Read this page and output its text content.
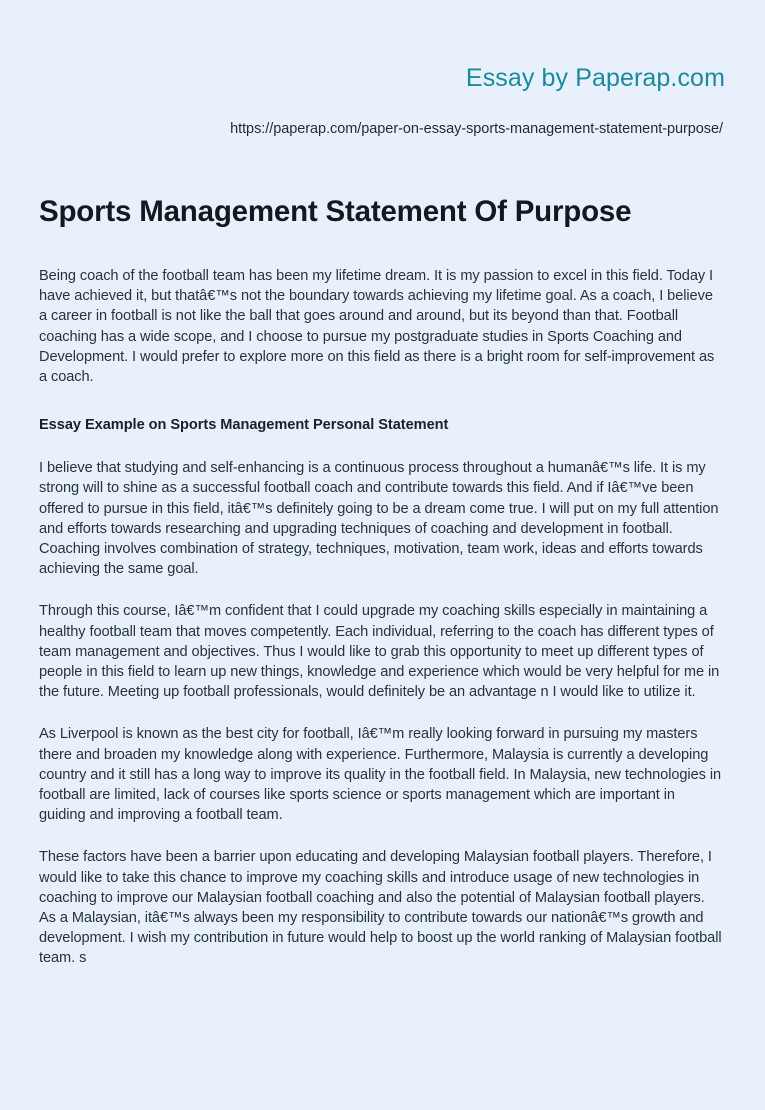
Essay by Paperap.com
https://paperap.com/paper-on-essay-sports-management-statement-purpose/
Sports Management Statement Of Purpose

Being coach of the football team has been my lifetime dream. It is my passion to excel in this field. Today I have achieved it, but thatâ€™s not the boundary towards achieving my lifetime goal. As a coach, I believe a career in football is not like the ball that goes around and around, but its beyond than that. Football coaching has a wide scope, and I choose to pursue my postgraduate studies in Sports Coaching and Development. I would prefer to explore more on this field as there is a bright room for self-improvement as a coach.

Essay Example on Sports Management Personal Statement

I believe that studying and self-enhancing is a continuous process throughout a humanâ€™s life. It is my strong will to shine as a successful football coach and contribute towards this field. And if Iâ€™ve been offered to pursue in this field, itâ€™s definitely going to be a dream come true. I will put on my full attention and efforts towards researching and upgrading techniques of coaching and development in football. Coaching involves combination of strategy, techniques, motivation, team work, ideas and efforts towards achieving the same goal.

Through this course, Iâ€™m confident that I could upgrade my coaching skills especially in maintaining a healthy football team that moves competently. Each individual, referring to the coach has different types of team management and objectives. Thus I would like to grab this opportunity to meet up different types of people in this field to learn up new things, knowledge and experience which would be very helpful for me in the future. Meeting up football professionals, would definitely be an advantage n I would like to utilize it.

As Liverpool is known as the best city for football, Iâ€™m really looking forward in pursuing my masters there and broaden my knowledge along with experience. Furthermore, Malaysia is currently a developing country and it still has a long way to improve its quality in the football field. In Malaysia, new technologies in football are limited, lack of courses like sports science or sports management which are important in guiding and improving a football team.

These factors have been a barrier upon educating and developing Malaysian football players. Therefore, I would like to take this chance to improve my coaching skills and introduce usage of new technologies in coaching to improve our Malaysian football coaching and also the potential of Malaysian football players. As a Malaysian, itâ€™s always been my responsibility to contribute towards our nationâ€™s growth and development. I wish my contribution in future would help to boost up the world ranking of Malaysian football team. s
